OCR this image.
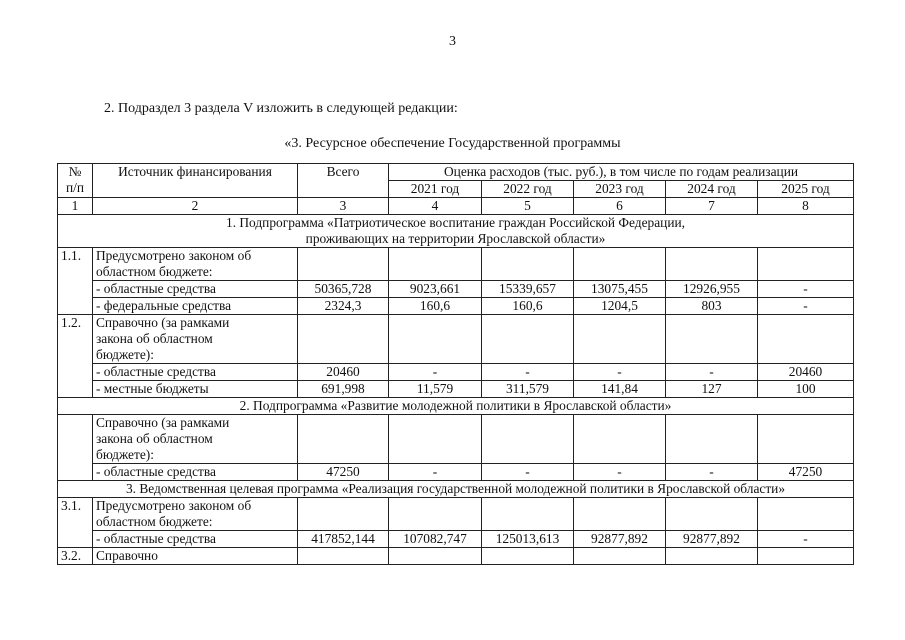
3
2. Подраздел 3 раздела V изложить в следующей редакции:
«3. Ресурсное обеспечение Государственной программы
№
п/п	Источник финансирования	Всего	Оценка расходов (тыс. руб.), в том числе по годам реализации				
			2021 год	2022 год	2023 год	2024 год	2025 год
1	2	3	4	5	6	7	8

1. Подпрограмма «Патриотическое воспитание граждан Российской Федерации,
проживающих на территории Ярославской области»							

1.1.	Предусмотрено законом об
областном бюджете:						

	- областные средства	50365,728	9023,661	15339,657	13075,455	12926,955	-
	- федеральные средства	2324,3	160,6	160,6	1204,5	803	-
1.2.	Справочно (за рамками
закона об областном
бюджете):						

	- областные средства	20460	-	-	-	-	20460
	- местные бюджеты	691,998	11,579	311,579	141,84	127	100
2. Подпрограмма «Развитие молодежной политики в Ярославской области»							

	Справочно (за рамками
закона об областном
бюджете):						

	- областные средства	47250	-	-	-	-	47250
3. Ведомственная целевая программа «Реализация государственной молодежной политики в Ярославской области»							
3.1.	Предусмотрено законом об
областном бюджете:						

	- областные средства	417852,144	107082,747	125013,613	92877,892	92877,892	-
3.2.	Справочно						
